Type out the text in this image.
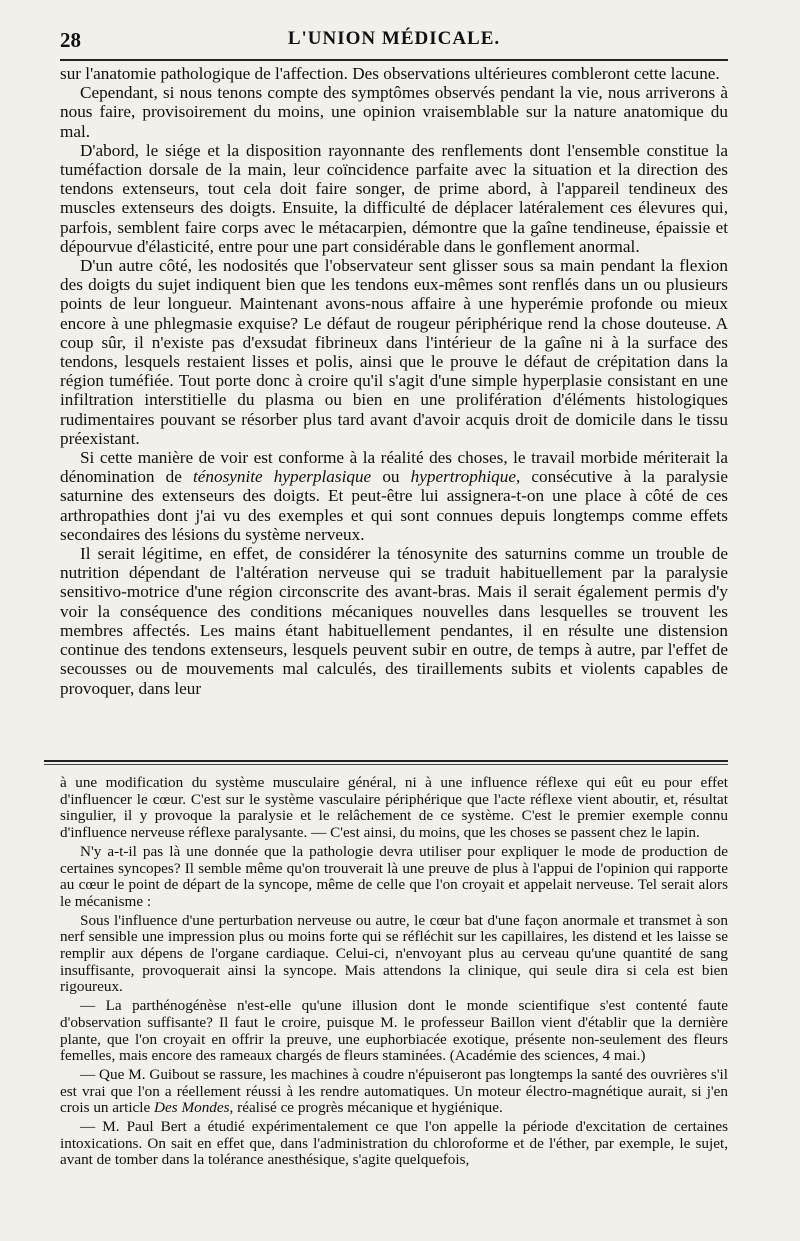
28	L'UNION MÉDICALE.

sur l'anatomie pathologique de l'affection. Des observations ultérieures combleront cette lacune.

Cependant, si nous tenons compte des symptômes observés pendant la vie, nous arriverons à nous faire, provisoirement du moins, une opinion vraisemblable sur la nature anatomique du mal.

D'abord, le siége et la disposition rayonnante des renflements dont l'ensemble constitue la tuméfaction dorsale de la main, leur coïncidence parfaite avec la situation et la direction des tendons extenseurs, tout cela doit faire songer, de prime abord, à l'appareil tendineux des muscles extenseurs des doigts. Ensuite, la difficulté de déplacer latéralement ces élevures qui, parfois, semblent faire corps avec le métacarpien, démontre que la gaîne tendineuse, épaissie et dépourvue d'élasticité, entre pour une part considérable dans le gonflement anormal.

D'un autre côté, les nodosités que l'observateur sent glisser sous sa main pendant la flexion des doigts du sujet indiquent bien que les tendons eux-mêmes sont renflés dans un ou plusieurs points de leur longueur. Maintenant avons-nous affaire à une hyperémie profonde ou mieux encore à une phlegmasie exquise? Le défaut de rougeur périphérique rend la chose douteuse. A coup sûr, il n'existe pas d'exsudat fibrineux dans l'intérieur de la gaîne ni à la surface des tendons, lesquels restaient lisses et polis, ainsi que le prouve le défaut de crépitation dans la région tuméfiée. Tout porte donc à croire qu'il s'agit d'une simple hyperplasie consistant en une infiltration interstitielle du plasma ou bien en une prolifération d'éléments histologiques rudimentaires pouvant se résorber plus tard avant d'avoir acquis droit de domicile dans le tissu préexistant.

Si cette manière de voir est conforme à la réalité des choses, le travail morbide mériterait la dénomination de ténosynite hyperplasique ou hypertrophique, consécutive à la paralysie saturnine des extenseurs des doigts. Et peut-être lui assignera-t-on une place à côté de ces arthropathies dont j'ai vu des exemples et qui sont connues depuis longtemps comme effets secondaires des lésions du système nerveux.

Il serait légitime, en effet, de considérer la ténosynite des saturnins comme un trouble de nutrition dépendant de l'altération nerveuse qui se traduit habituellement par la paralysie sensitivo-motrice d'une région circonscrite des avant-bras. Mais il serait également permis d'y voir la conséquence des conditions mécaniques nouvelles dans lesquelles se trouvent les membres affectés. Les mains étant habituellement pendantes, il en résulte une distension continue des tendons extenseurs, lesquels peuvent subir en outre, de temps à autre, par l'effet de secousses ou de mouvements mal calculés, des tiraillements subits et violents capables de provoquer, dans leur

à une modification du système musculaire général, ni à une influence réflexe qui eût eu pour effet d'influencer le cœur. C'est sur le système vasculaire périphérique que l'acte réflexe vient aboutir, et, résultat singulier, il y provoque la paralysie et le relâchement de ce système. C'est le premier exemple connu d'influence nerveuse réflexe paralysante. — C'est ainsi, du moins, que les choses se passent chez le lapin.

N'y a-t-il pas là une donnée que la pathologie devra utiliser pour expliquer le mode de production de certaines syncopes? Il semble même qu'on trouverait là une preuve de plus à l'appui de l'opinion qui rapporte au cœur le point de départ de la syncope, même de celle que l'on croyait et appelait nerveuse. Tel serait alors le mécanisme :

Sous l'influence d'une perturbation nerveuse ou autre, le cœur bat d'une façon anormale et transmet à son nerf sensible une impression plus ou moins forte qui se réfléchit sur les capillaires, les distend et les laisse se remplir aux dépens de l'organe cardiaque. Celui-ci, n'envoyant plus au cerveau qu'une quantité de sang insuffisante, provoquerait ainsi la syncope. Mais attendons la clinique, qui seule dira si cela est bien rigoureux.

— La parthénogénèse n'est-elle qu'une illusion dont le monde scientifique s'est contenté faute d'observation suffisante? Il faut le croire, puisque M. le professeur Baillon vient d'établir que la dernière plante, que l'on croyait en offrir la preuve, une euphorbiacée exotique, présente non-seulement des fleurs femelles, mais encore des rameaux chargés de fleurs staminées. (Académie des sciences, 4 mai.)

— Que M. Guibout se rassure, les machines à coudre n'épuiseront pas longtemps la santé des ouvrières s'il est vrai que l'on a réellement réussi à les rendre automatiques. Un moteur électro-magnétique aurait, si j'en crois un article Des Mondes, réalisé ce progrès mécanique et hygiénique.

— M. Paul Bert a étudié expérimentalement ce que l'on appelle la période d'excitation de certaines intoxications. On sait en effet que, dans l'administration du chloroforme et de l'éther, par exemple, le sujet, avant de tomber dans la tolérance anesthésique, s'agite quelquefois,
